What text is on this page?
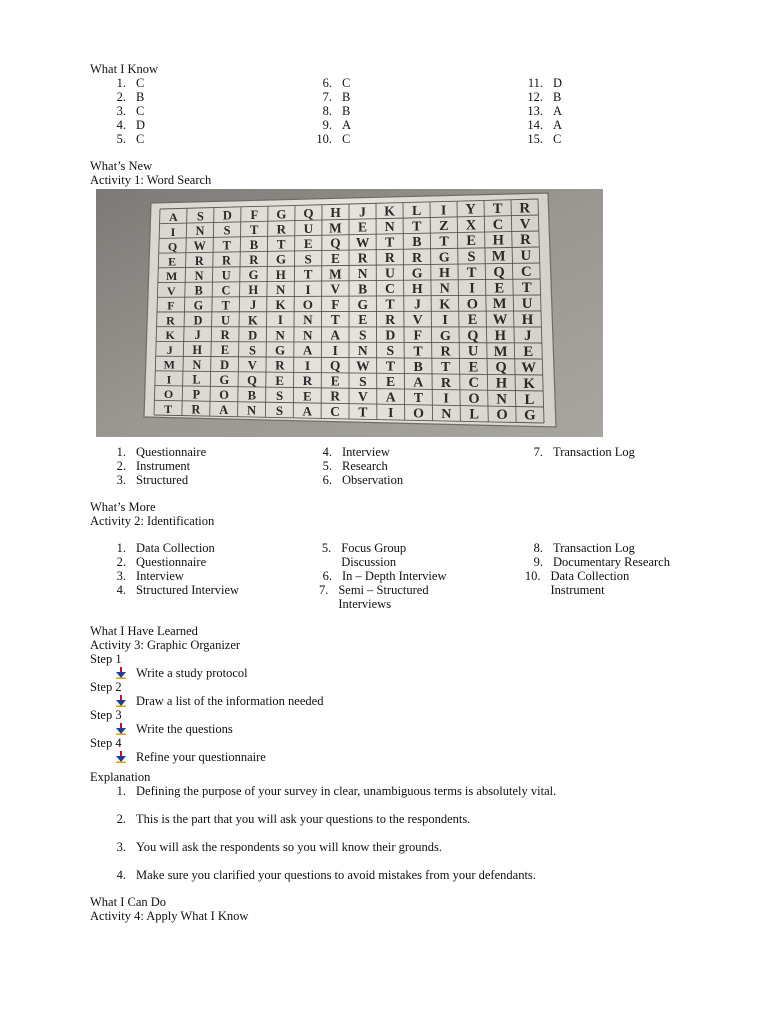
What I Know
1. C
2. B
3. C
4. D
5. C
6. C
7. B
8. B
9. A
10. C
11. D
12. B
13. A
14. A
15. C
What’s New
Activity 1: Word Search
A S D F G Q H J K L I Y T R
I N S T R U M E N T Z X C V
Q W T B T E Q W T B T E H R
E R R R G S E R R R G S M U
M N U G H T M N U G H T Q C
V B C H N I V B C H N I E T
F G T J K O F G T J K O M U
R D U K I N T E R V I E W H
K J R D N N A S D F G Q H J
J H E S G A I N S T R U M E
M N D V R I Q W T B T E Q W
I L G Q E R E S E A R C H K
O P O B S E R V A T I O N L
T R A N S A C T I O N L O G
1. Questionnaire
2. Instrument
3. Structured
4. Interview
5. Research
6. Observation
7. Transaction Log
What’s More
Activity 2: Identification
1. Data Collection
2. Questionnaire
3. Interview
4. Structured Interview
5. Focus Group Discussion
6. In – Depth Interview
7. Semi – Structured Interviews
8. Transaction Log
9. Documentary Research
10. Data Collection Instrument
What I Have Learned
Activity 3: Graphic Organizer
Step 1
Write a study protocol
Step 2
Draw a list of the information needed
Step 3
Write the questions
Step 4
Refine your questionnaire
Explanation
1. Defining the purpose of your survey in clear, unambiguous terms is absolutely vital.
2. This is the part that you will ask your questions to the respondents.
3. You will ask the respondents so you will know their grounds.
4. Make sure you clarified your questions to avoid mistakes from your defendants.
What I Can Do
Activity 4: Apply What I Know
